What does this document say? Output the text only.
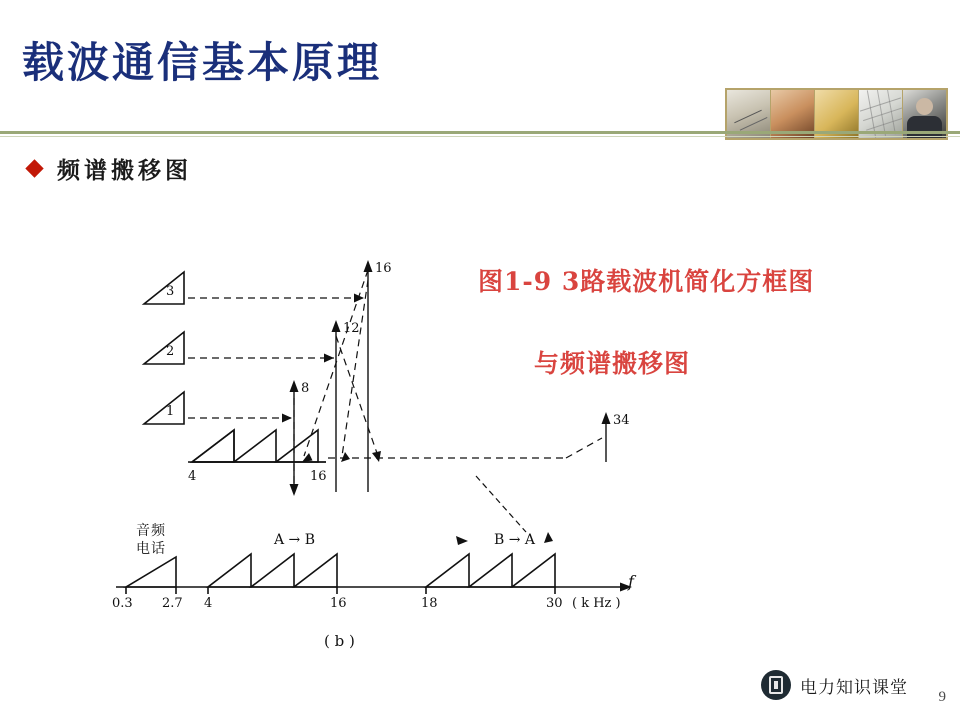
载波通信基本原理
频谱搬移图
图1-9 3路载波机简化方框图
与频谱搬移图
16
12
8
4	16
34
3
2
1
音频
电话
A → B	B → A
f
0.3 2.7 4	16	18	30 ( k Hz )
( b )
电力知识课堂 9
